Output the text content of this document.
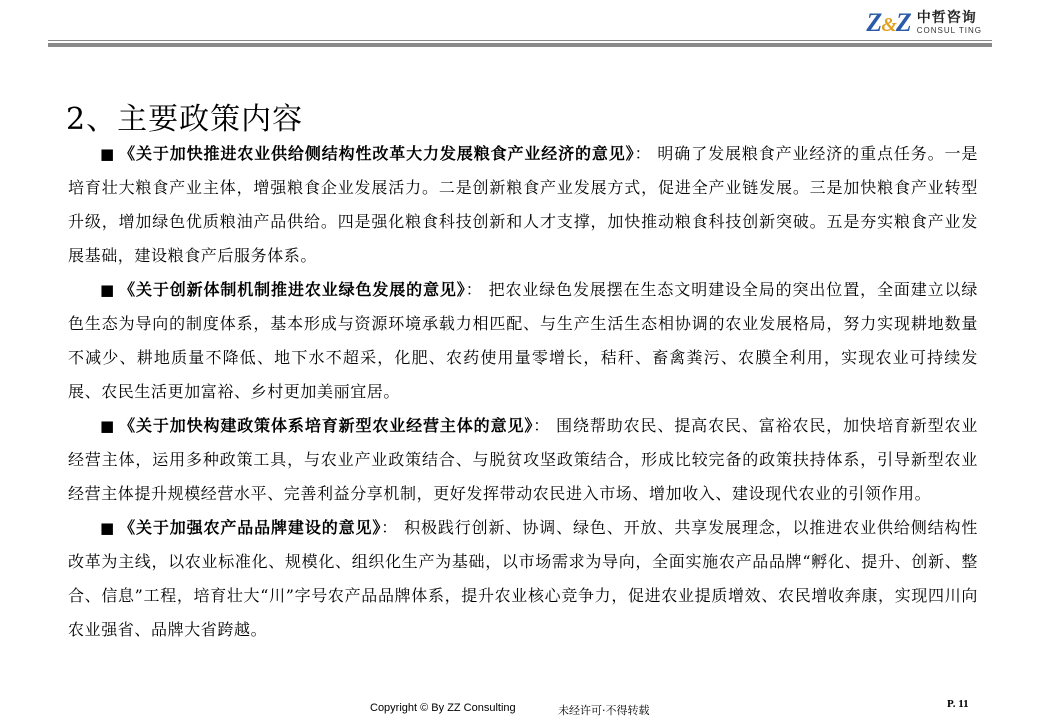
Z&Z 中哲咨询
CONSUL TING
2、主要政策内容

■ 《关于加快推进农业供给侧结构性改革大力发展粮食产业经济的意见》： 明确了发展粮食产业经济的重点任务。一是培育壮大粮食产业主体，增强粮食企业发展活力。二是创新粮食产业发展方式，促进全产业链发展。三是加快粮食产业转型升级，增加绿色优质粮油产品供给。四是强化粮食科技创新和人才支撑，加快推动粮食科技创新突破。五是夯实粮食产业发展基础，建设粮食产后服务体系。

■ 《关于创新体制机制推进农业绿色发展的意见》： 把农业绿色发展摆在生态文明建设全局的突出位置，全面建立以绿色生态为导向的制度体系，基本形成与资源环境承载力相匹配、与生产生活生态相协调的农业发展格局，努力实现耕地数量不减少、耕地质量不降低、地下水不超采，化肥、农药使用量零增长，秸秆、畜禽粪污、农膜全利用，实现农业可持续发展、农民生活更加富裕、乡村更加美丽宜居。

■ 《关于加快构建政策体系培育新型农业经营主体的意见》： 围绕帮助农民、提高农民、富裕农民，加快培育新型农业经营主体，运用多种政策工具，与农业产业政策结合、与脱贫攻坚政策结合，形成比较完备的政策扶持体系，引导新型农业经营主体提升规模经营水平、完善利益分享机制，更好发挥带动农民进入市场、增加收入、建设现代农业的引领作用。

■ 《关于加强农产品品牌建设的意见》： 积极践行创新、协调、绿色、开放、共享发展理念，以推进农业供给侧结构性改革为主线，以农业标准化、规模化、组织化生产为基础，以市场需求为导向，全面实施农产品品牌“孵化、提升、创新、整合、信息”工程，培育壮大“川”字号农产品品牌体系，提升农业核心竞争力，促进农业提质增效、农民增收奔康，实现四川向农业强省、品牌大省跨越。

Copyright © By ZZ Consulting	未经许可·不得转载	P. 11
